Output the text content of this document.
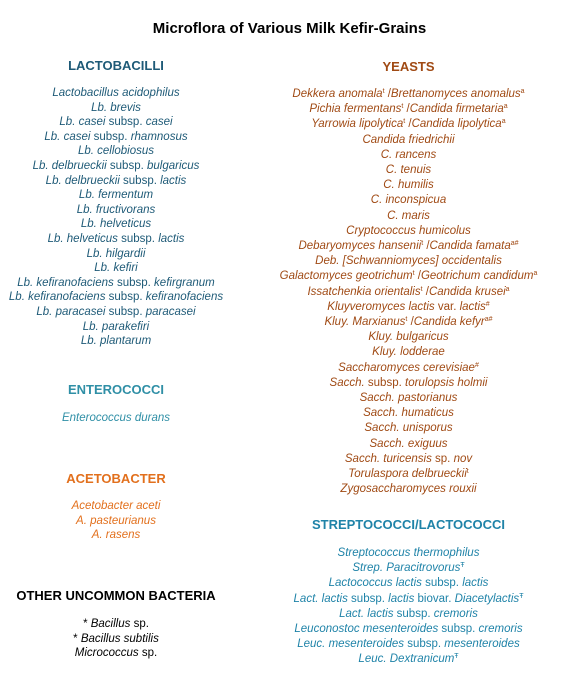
Microflora of Various Milk Kefir-Grains
LACTOBACILLI
Lactobacillus acidophilus
Lb. brevis
Lb. casei subsp. casei
Lb. casei subsp. rhamnosus
Lb. cellobiosus
Lb. delbrueckii subsp. bulgaricus
Lb. delbrueckii subsp. lactis
Lb. fermentum
Lb. fructivorans
Lb. helveticus
Lb. helveticus subsp. lactis
Lb. hilgardii
Lb. kefiri
Lb. kefiranofaciens subsp. kefirgranum
Lb. kefiranofaciens subsp. kefiranofaciens
Lb. paracasei subsp. paracasei
Lb. parakefiri
Lb. plantarum
ENTEROCOCCI
Enterococcus durans
ACETOBACTER
Acetobacter aceti
A. pasteurianus
A. rasens
OTHER UNCOMMON BACTERIA
* Bacillus sp.
* Bacillus subtilis
Micrococcus sp.
YEASTS
Dekkera anomala$^t$ /Brettanomyces anomalus$^a$
Pichia fermentans$^t$ /Candida firmetaria$^a$
Yarrowia lipolytica$^t$ /Candida lipolytica$^a$
Candida friedrichii
C. rancens
C. tenuis
C. humilis
C. inconspicua
C. maris
Cryptococcus humicolus
Debaryomyces hansenii$^t$ /Candida famata$^{a\#}$
Deb. [Schwanniomyces] occidentalis
Galactomyces geotrichum$^t$ /Geotrichum candidum$^a$
Issatchenkia orientalis$^t$ /Candida krusei$^a$
Kluyveromyces lactis var. lactis#
Kluy. Marxianus$^t$ /Candida kefyr$^{a\#}$
Kluy. bulgaricus
Kluy. lodderae
Saccharomyces cerevisiae#
Sacch. subsp. torulopsis holmii
Sacch. pastorianus
Sacch. humaticus
Sacch. unisporus
Sacch. exiguus
Sacch. turicensis sp. nov
Torulaspora delbrueckii$^t$
Zygosaccharomyces rouxii
STREPTOCOCCI/LACTOCOCCI
Streptococcus thermophilus
Strep. Paracitrovorus$^Ŧ$
Lactococcus lactis subsp. lactis
Lact. lactis subsp. lactis biovar. Diacetylactis$^Ŧ$
Lact. lactis subsp. cremoris
Leuconostoc mesenteroides subsp. cremoris
Leuc. mesenteroides subsp. mesenteroides
Leuc. Dextranicum$^Ŧ$
